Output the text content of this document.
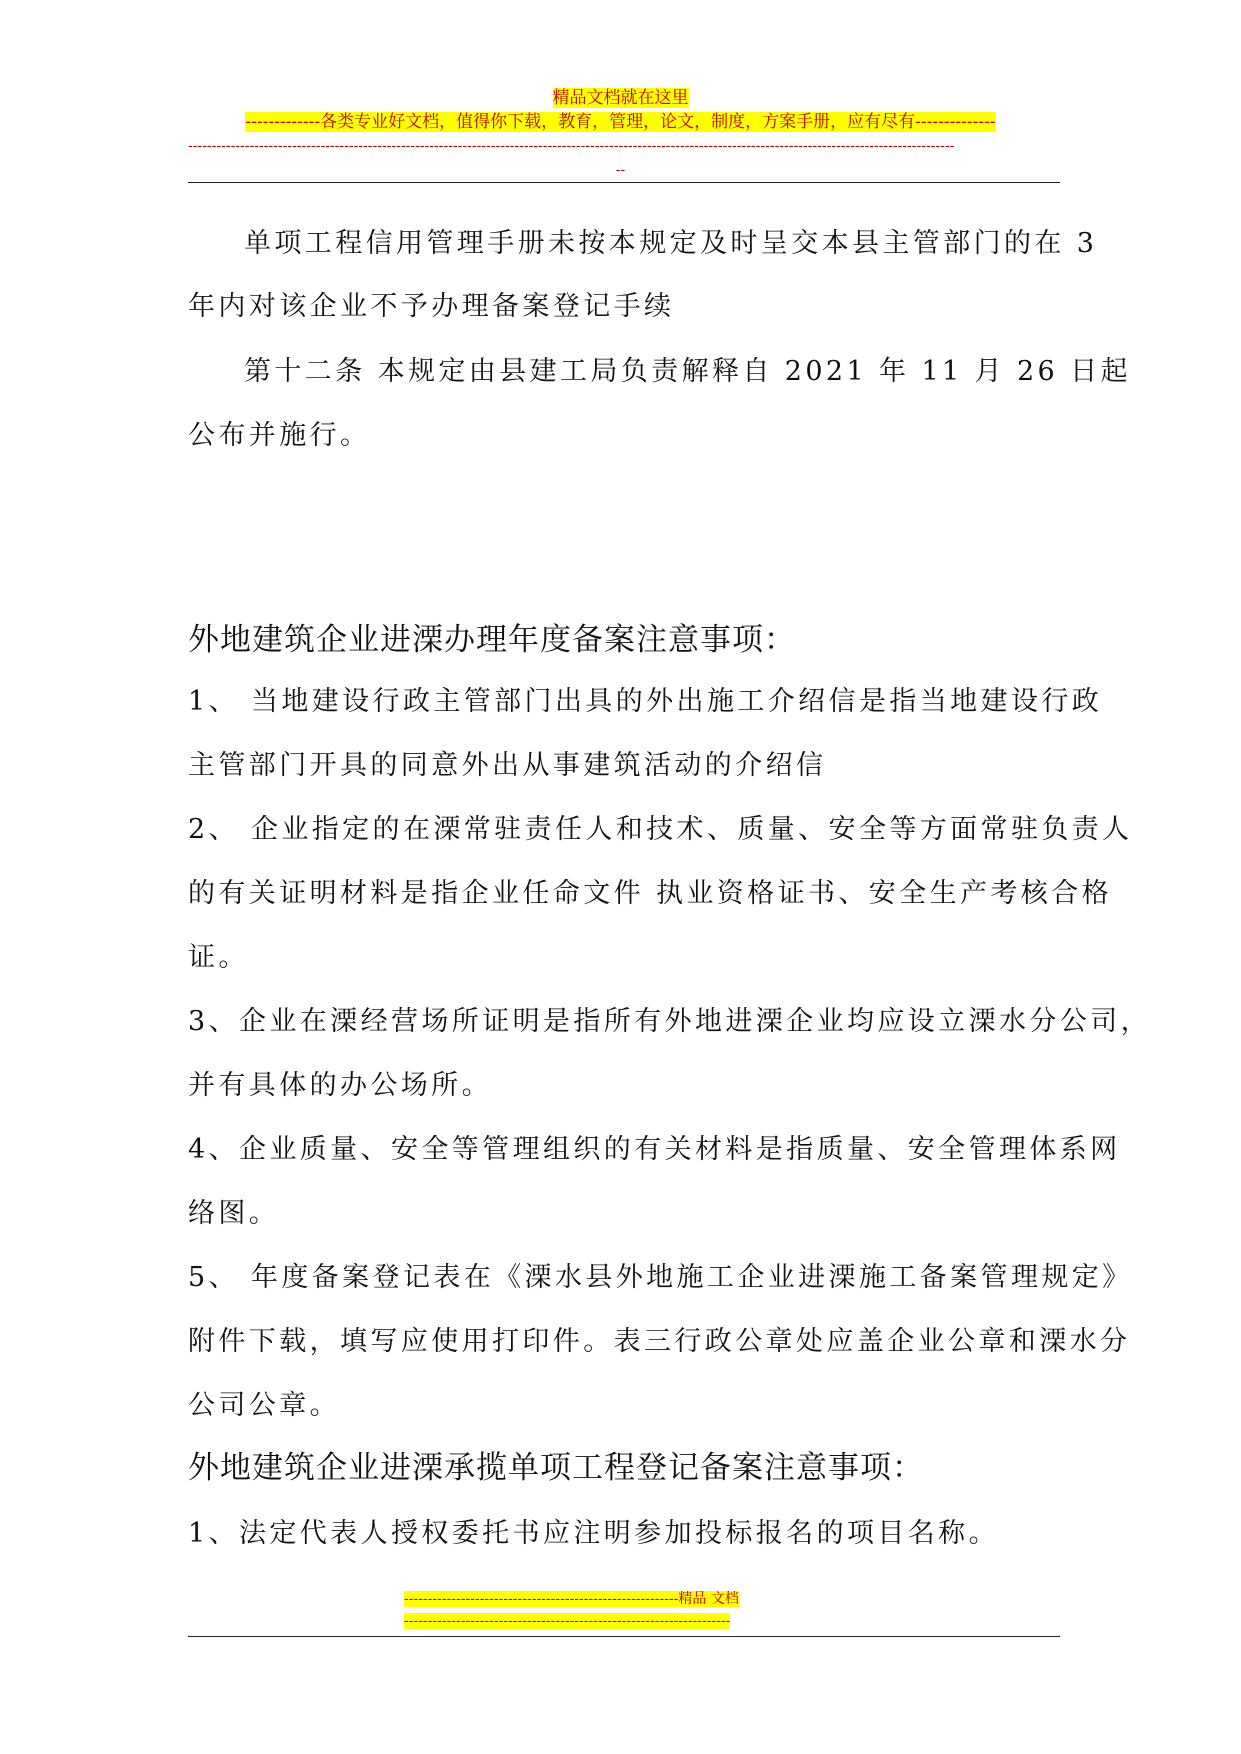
精品文档就在这里
-------------各类专业好文档，值得你下载，教育，管理，论文，制度，方案手册，应有尽有--------------
------------------------------------------------------------------------------------------------------------------------------------------------------------------
--
单项工程信用管理手册未按本规定及时呈交本县主管部门的在 3
年内对该企业不予办理备案登记手续
第十二条 本规定由县建工局负责解释自 2021 年 11 月 26 日起
公布并施行。
外地建筑企业进溧办理年度备案注意事项：
1、 当地建设行政主管部门出具的外出施工介绍信是指当地建设行政
主管部门开具的同意外出从事建筑活动的介绍信
2、 企业指定的在溧常驻责任人和技术、质量、安全等方面常驻负责人
的有关证明材料是指企业任命文件 执业资格证书、安全生产考核合格
证。
3、企业在溧经营场所证明是指所有外地进溧企业均应设立溧水分公司，
并有具体的办公场所。
4、企业质量、安全等管理组织的有关材料是指质量、安全管理体系网
络图。
5、 年度备案登记表在《溧水县外地施工企业进溧施工备案管理规定》
附件下载，填写应使用打印件。表三行政公章处应盖企业公章和溧水分
公司公章。
外地建筑企业进溧承揽单项工程登记备案注意事项：
1、法定代表人授权委托书应注明参加投标报名的项目名称。
----------------------------------------------------------精品 文档
---------------------------------------------------------------------
